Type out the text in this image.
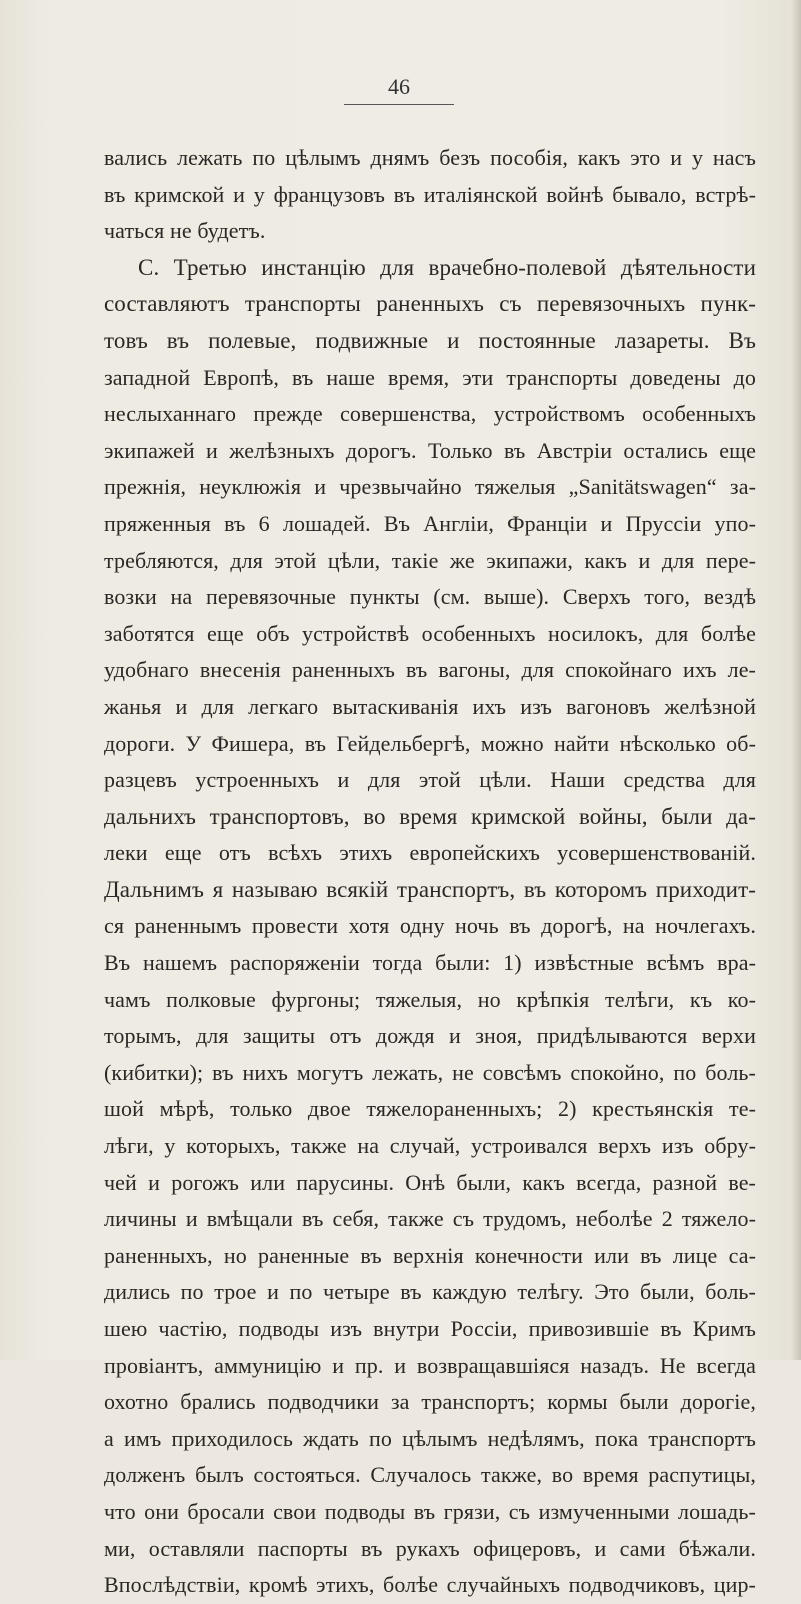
46
вались лежать по цѣлымъ днямъ безъ пособія, какъ это и у насъ
въ кримской и у французовъ въ италіянской войнѣ бывало, встрѣ-
чаться не будетъ.
C. Третью инстанцію для врачебно-полевой дѣятельности
составляютъ транспорты раненныхъ съ перевязочныхъ пунк-
товъ въ полевые, подвижные и постоянные лазареты. Въ
западной Европѣ, въ наше время, эти транспорты доведены до
неслыханнаго прежде совершенства, устройствомъ особенныхъ
экипажей и желѣзныхъ дорогъ. Только въ Австріи остались еще
прежнія, неуклюжія и чрезвычайно тяжелыя „Sanitätswagen“ за-
пряженныя въ 6 лошадей. Въ Англіи, Франціи и Пруссіи упо-
требляются, для этой цѣли, такіе же экипажи, какъ и для пере-
возки на перевязочные пункты (см. выше). Сверхъ того, вездѣ
заботятся еще объ устройствѣ особенныхъ носилокъ, для болѣе
удобнаго внесенія раненныхъ въ вагоны, для спокойнаго ихъ ле-
жанья и для легкаго вытаскиванія ихъ изъ вагоновъ желѣзной
дороги. У Фишера, въ Гейдельбергѣ, можно найти нѣсколько об-
разцевъ устроенныхъ и для этой цѣли. Наши средства для
дальнихъ транспортовъ, во время кримской войны, были да-
леки еще отъ всѣхъ этихъ европейскихъ усовершенствованій.
Дальнимъ я называю всякій транспортъ, въ которомъ приходит-
ся раненнымъ провести хотя одну ночь въ дорогѣ, на ночлегахъ.
Въ нашемъ распоряженіи тогда были: 1) извѣстные всѣмъ вра-
чамъ полковые фургоны; тяжелыя, но крѣпкія телѣги, къ ко-
торымъ, для защиты отъ дождя и зноя, придѣлываются верхи
(кибитки); въ нихъ могутъ лежать, не совсѣмъ спокойно, по боль-
шой мѣрѣ, только двое тяжелораненныхъ; 2) крестьянскія те-
лѣги, у которыхъ, также на случай, устроивался верхъ изъ обру-
чей и рогожъ или парусины. Онѣ были, какъ всегда, разной ве-
личины и вмѣщали въ себя, также съ трудомъ, неболѣе 2 тяжело-
раненныхъ, но раненные въ верхнія конечности или въ лице са-
дились по трое и по четыре въ каждую телѣгу. Это были, боль-
шею частію, подводы изъ внутри Россіи, привозившіе въ Кримъ
провіантъ, аммуницію и пр. и возвращавшіяся назадъ. Не всегда
охотно брались подводчики за транспортъ; кормы были дорогіе,
а имъ приходилось ждать по цѣлымъ недѣлямъ, пока транспортъ
долженъ былъ состояться. Случалось также, во время распутицы,
что они бросали свои подводы въ грязи, съ измученными лошадь-
ми, оставляли паспорты въ рукахъ офицеровъ, и сами бѣжали.
Впослѣдствіи, кромѣ этихъ, болѣе случайныхъ подводчиковъ, цир-
